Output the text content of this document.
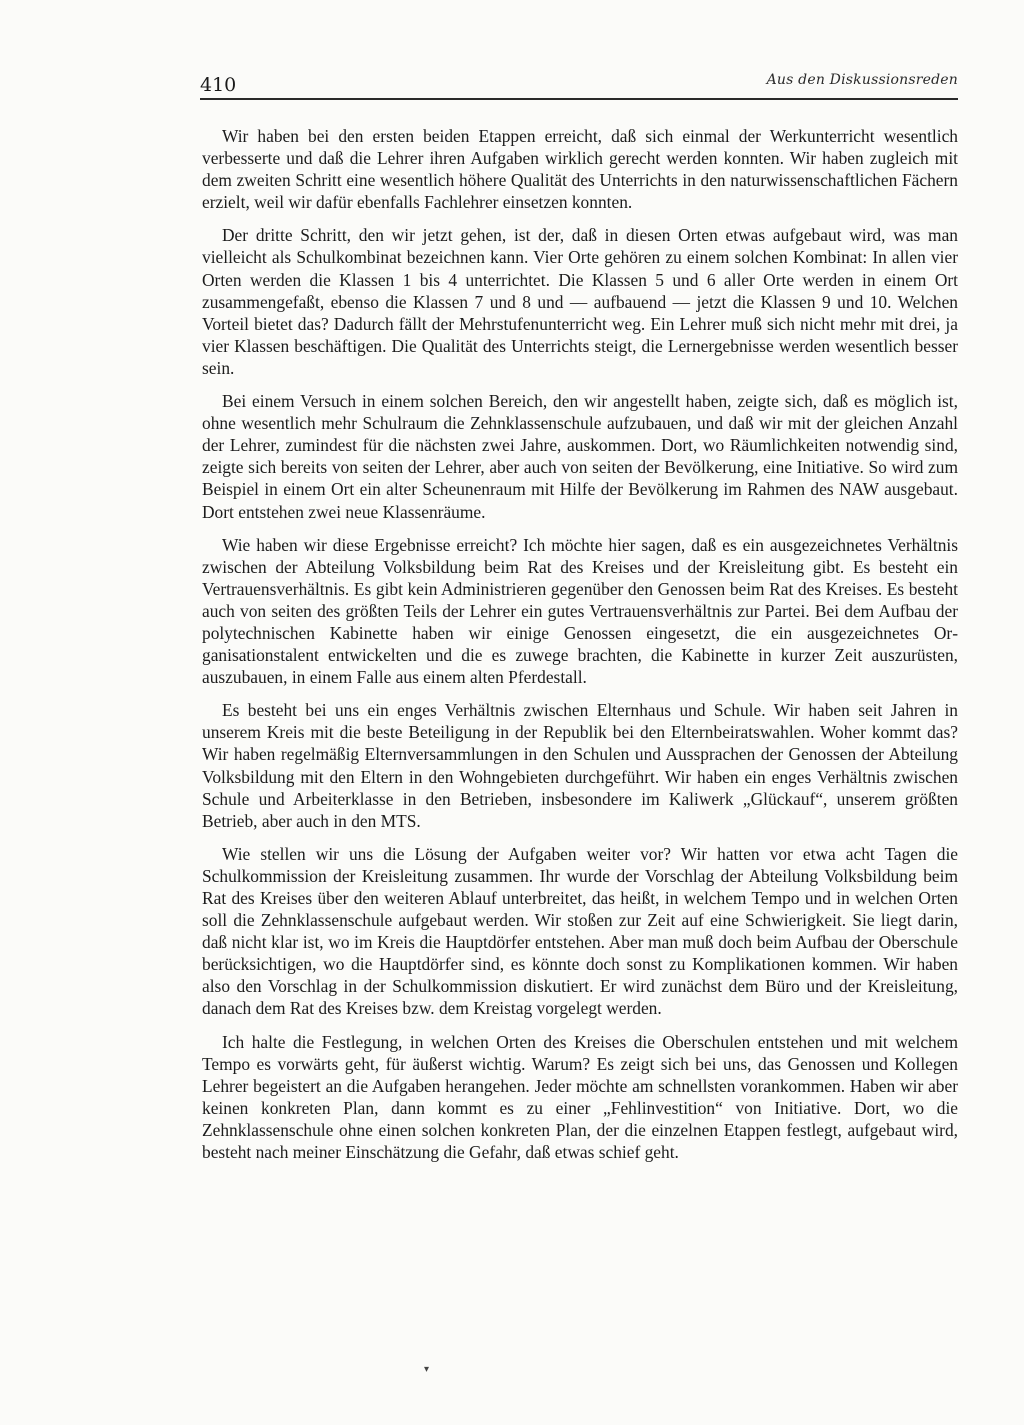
410	Aus den Diskussionsreden

Wir haben bei den ersten beiden Etappen erreicht, daß sich einmal der Werkunterricht wesentlich verbesserte und daß die Lehrer ihren Aufgaben wirklich gerecht werden konnten. Wir haben zugleich mit dem zweiten Schritt eine wesentlich höhere Qualität des Unterrichts in den naturwissenschaftlichen Fächern erzielt, weil wir dafür ebenfalls Fachlehrer einsetzen konnten.

Der dritte Schritt, den wir jetzt gehen, ist der, daß in diesen Orten etwas aufgebaut wird, was man vielleicht als Schulkombinat bezeichnen kann. Vier Orte gehören zu einem solchen Kombinat: In allen vier Orten werden die Klassen 1 bis 4 unterrichtet. Die Klassen 5 und 6 aller Orte werden in einem Ort zusammengefaßt, ebenso die Klassen 7 und 8 und — aufbauend — jetzt die Klassen 9 und 10. Welchen Vorteil bietet das? Dadurch fällt der Mehrstufenunterricht weg. Ein Lehrer muß sich nicht mehr mit drei, ja vier Klassen beschäftigen. Die Qualität des Unterrichts steigt, die Lernergebnisse werden wesentlich besser sein.

Bei einem Versuch in einem solchen Bereich, den wir angestellt haben, zeigte sich, daß es möglich ist, ohne wesentlich mehr Schulraum die Zehnklassenschule aufzubauen, und daß wir mit der gleichen Anzahl der Lehrer, zumindest für die nächsten zwei Jahre, auskommen. Dort, wo Räumlichkeiten notwendig sind, zeigte sich bereits von seiten der Lehrer, aber auch von seiten der Bevölkerung, eine Initiative. So wird zum Beispiel in einem Ort ein alter Scheunenraum mit Hilfe der Bevölkerung im Rahmen des NAW ausgebaut. Dort entstehen zwei neue Klassenräume.

Wie haben wir diese Ergebnisse erreicht? Ich möchte hier sagen, daß es ein ausgezeichnetes Verhältnis zwischen der Abteilung Volksbildung beim Rat des Kreises und der Kreisleitung gibt. Es besteht ein Vertrauensverhältnis. Es gibt kein Administrieren gegenüber den Genossen beim Rat des Kreises. Es besteht auch von seiten des größten Teils der Lehrer ein gutes Vertrauensverhältnis zur Partei. Bei dem Aufbau der polytechnischen Kabinette haben wir einige Genossen eingesetzt, die ein ausgezeichnetes Organisationstalent entwickelten und die es zuwege brachten, die Kabinette in kurzer Zeit auszurüsten, auszubauen, in einem Falle aus einem alten Pferdestall.

Es besteht bei uns ein enges Verhältnis zwischen Elternhaus und Schule. Wir haben seit Jahren in unserem Kreis mit die beste Beteiligung in der Republik bei den Elternbeiratswahlen. Woher kommt das? Wir haben regelmäßig Elternversammlungen in den Schulen und Aussprachen der Genossen der Abteilung Volksbildung mit den Eltern in den Wohngebieten durchgeführt. Wir haben ein enges Verhältnis zwischen Schule und Arbeiterklasse in den Betrieben, insbesondere im Kaliwerk „Glückauf“, unserem größten Betrieb, aber auch in den MTS.

Wie stellen wir uns die Lösung der Aufgaben weiter vor? Wir hatten vor etwa acht Tagen die Schulkommission der Kreisleitung zusammen. Ihr wurde der Vorschlag der Abteilung Volksbildung beim Rat des Kreises über den weiteren Ablauf unterbreitet, das heißt, in welchem Tempo und in welchen Orten soll die Zehnklassenschule aufgebaut werden. Wir stoßen zur Zeit auf eine Schwierigkeit. Sie liegt darin, daß nicht klar ist, wo im Kreis die Hauptdörfer entstehen. Aber man muß doch beim Aufbau der Oberschule berücksichtigen, wo die Hauptdörfer sind, es könnte doch sonst zu Komplikationen kommen. Wir haben also den Vorschlag in der Schulkommission diskutiert. Er wird zunächst dem Büro und der Kreisleitung, danach dem Rat des Kreises bzw. dem Kreistag vorgelegt werden.

Ich halte die Festlegung, in welchen Orten des Kreises die Oberschulen entstehen und mit welchem Tempo es vorwärts geht, für äußerst wichtig. Warum? Es zeigt sich bei uns, das Genossen und Kollegen Lehrer begeistert an die Aufgaben herangehen. Jeder möchte am schnellsten vorankommen. Haben wir aber keinen konkreten Plan, dann kommt es zu einer „Fehlinvestition“ von Initiative. Dort, wo die Zehnklassenschule ohne einen solchen konkreten Plan, der die einzelnen Etappen festlegt, aufgebaut wird, besteht nach meiner Einschätzung die Gefahr, daß etwas schief geht.

▾
